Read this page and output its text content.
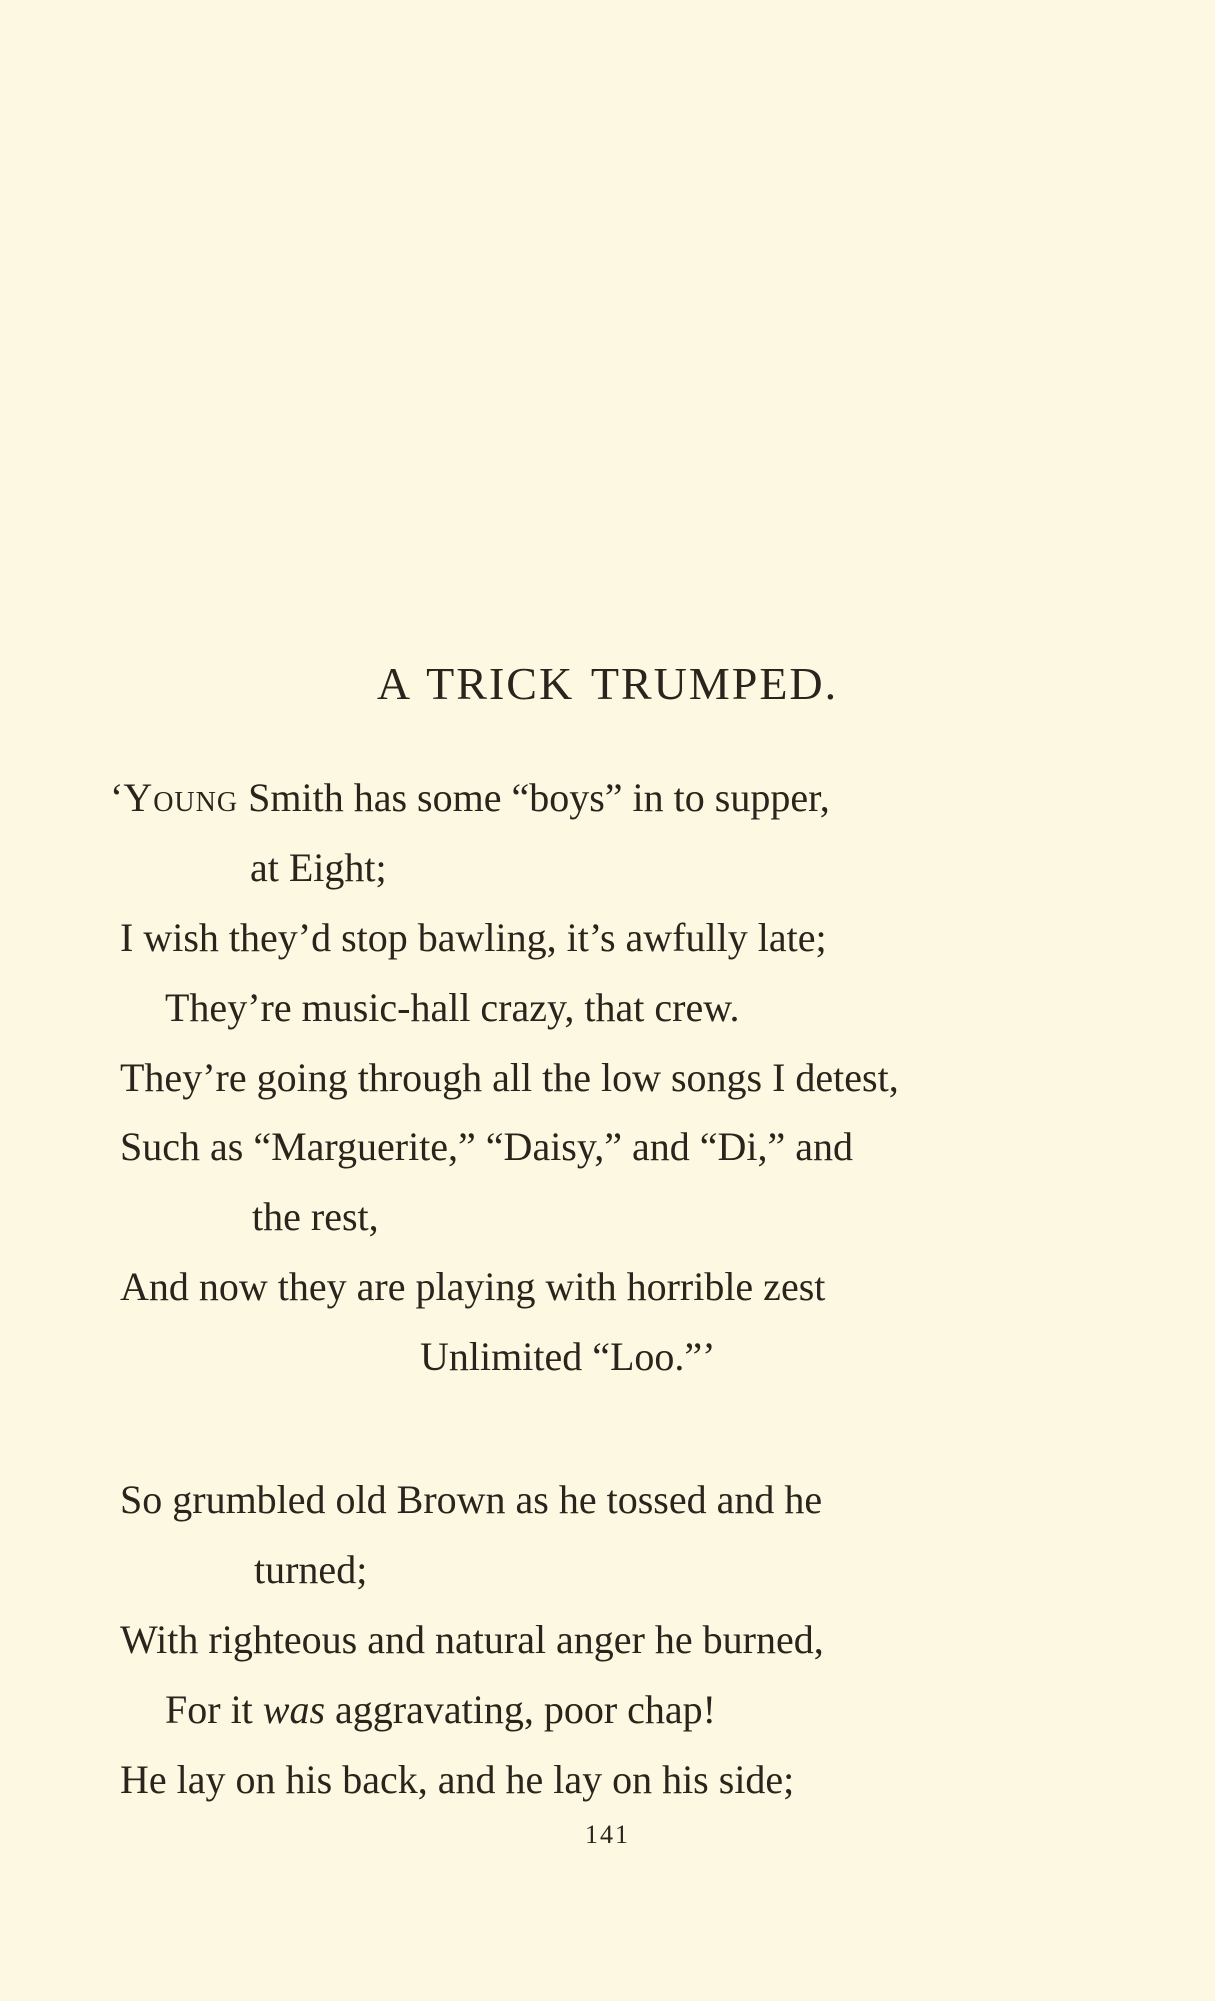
A TRICK TRUMPED.
‘Young Smith has some “boys” in to supper,
at Eight;
I wish they’d stop bawling, it’s awfully late;
They’re music-hall crazy, that crew.
They’re going through all the low songs I detest,
Such as “Marguerite,” “Daisy,” and “Di,” and
the rest,
And now they are playing with horrible zest
Unlimited “Loo.”’
So grumbled old Brown as he tossed and he
turned;
With righteous and natural anger he burned,
For it was aggravating, poor chap!
He lay on his back, and he lay on his side;
141
